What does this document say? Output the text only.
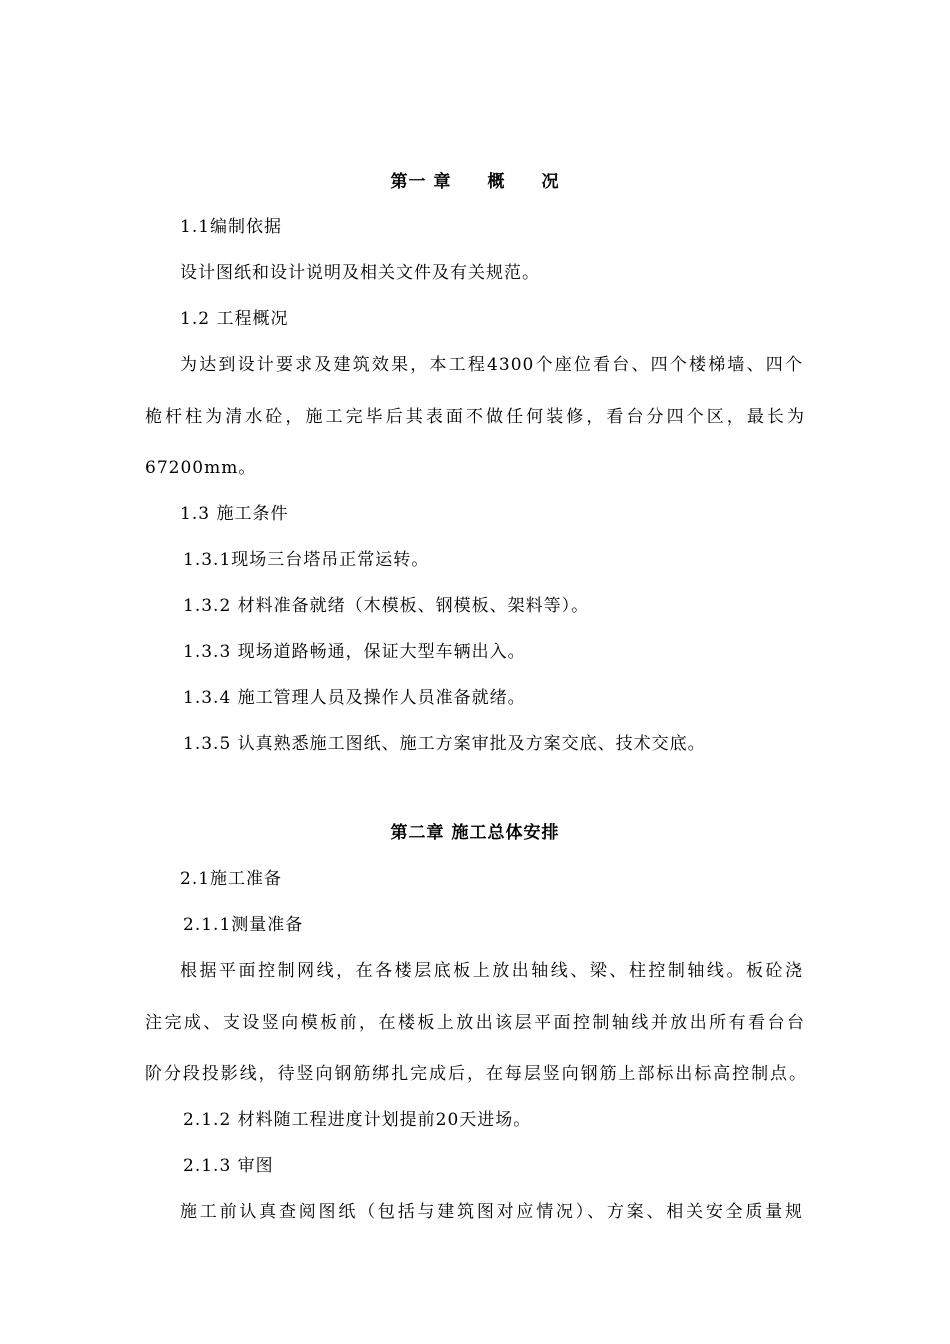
第一 章　　概　　况
1.1编制依据
设计图纸和设计说明及相关文件及有关规范。
1.2 工程概况
为达到设计要求及建筑效果，本工程4300个座位看台、四个楼梯墙、四个
桅杆柱为清水砼，施工完毕后其表面不做任何装修，看台分四个区，最长为
67200mm。
1.3 施工条件
1.3.1现场三台塔吊正常运转。
1.3.2 材料准备就绪（木模板、钢模板、架料等）。
1.3.3 现场道路畅通，保证大型车辆出入。
1.3.4 施工管理人员及操作人员准备就绪。
1.3.5 认真熟悉施工图纸、施工方案审批及方案交底、技术交底。
第二章 施工总体安排
2.1施工准备
2.1.1测量准备
根据平面控制网线，在各楼层底板上放出轴线、梁、柱控制轴线。板砼浇
注完成、支设竖向模板前，在楼板上放出该层平面控制轴线并放出所有看台台
阶分段投影线，待竖向钢筋绑扎完成后，在每层竖向钢筋上部标出标高控制点。
2.1.2 材料随工程进度计划提前20天进场。
2.1.3 审图
施工前认真查阅图纸（包括与建筑图对应情况）、方案、相关安全质量规
